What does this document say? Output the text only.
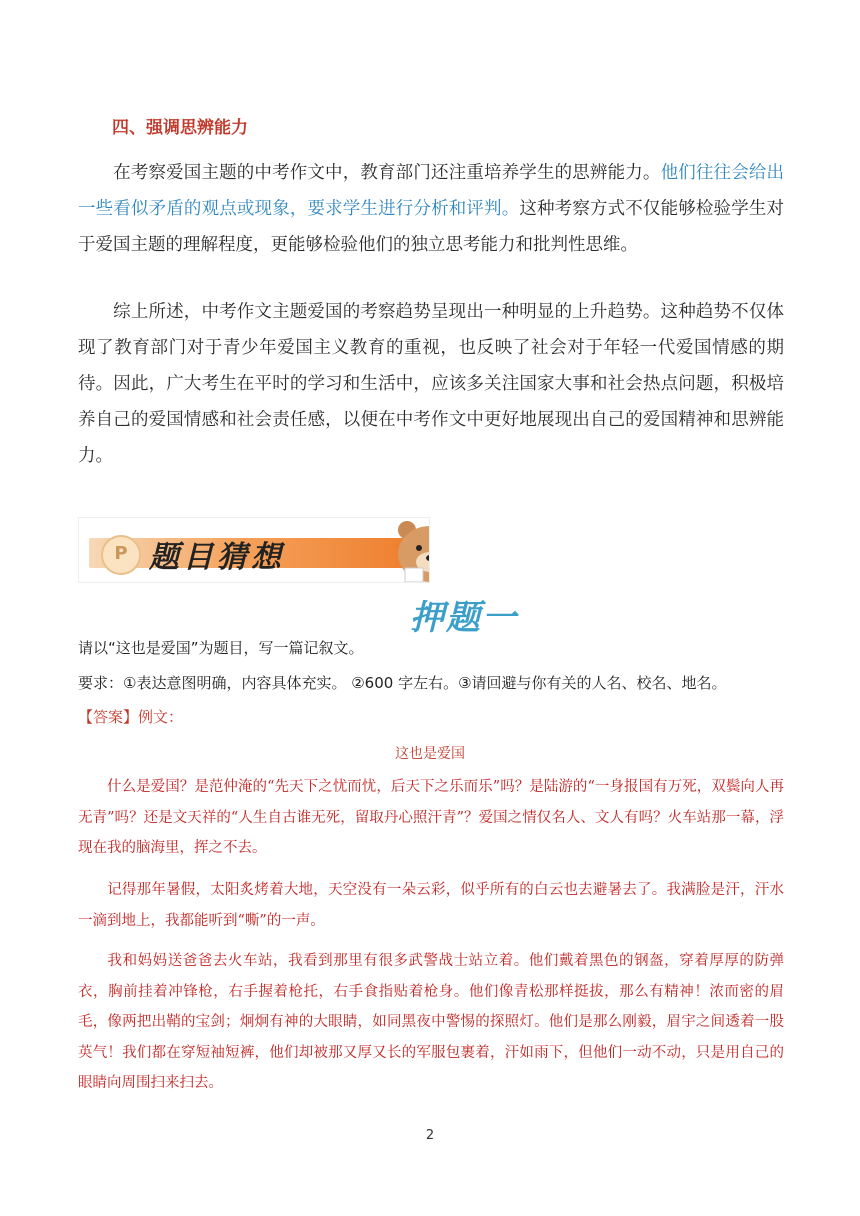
四、强调思辨能力
在考察爱国主题的中考作文中，教育部门还注重培养学生的思辨能力。他们往往会给出一些看似矛盾的观点或现象，要求学生进行分析和评判。这种考察方式不仅能够检验学生对于爱国主题的理解程度，更能够检验他们的独立思考能力和批判性思维。
综上所述，中考作文主题爱国的考察趋势呈现出一种明显的上升趋势。这种趋势不仅体现了教育部门对于青少年爱国主义教育的重视，也反映了社会对于年轻一代爱国情感的期待。因此，广大考生在平时的学习和生活中，应该多关注国家大事和社会热点问题，积极培养自己的爱国情感和社会责任感，以便在中考作文中更好地展现出自己的爱国精神和思辨能力。
P 题目猜想
押题一
请以“这也是爱国”为题目，写一篇记叙文。
要求：①表达意图明确，内容具体充实。 ②600 字左右。③请回避与你有关的人名、校名、地名。
【答案】例文：
这也是爱国
什么是爱国？是范仲淹的“先天下之忧而忧，后天下之乐而乐”吗？是陆游的“一身报国有万死，双鬓向人再无青”吗？还是文天祥的“人生自古谁无死，留取丹心照汗青”？爱国之情仅名人、文人有吗？火车站那一幕，浮现在我的脑海里，挥之不去。
记得那年暑假，太阳炙烤着大地，天空没有一朵云彩，似乎所有的白云也去避暑去了。我满脸是汗，汗水一滴到地上，我都能听到“嘶”的一声。
我和妈妈送爸爸去火车站，我看到那里有很多武警战士站立着。他们戴着黑色的钢盔，穿着厚厚的防弹衣，胸前挂着冲锋枪，右手握着枪托，右手食指贴着枪身。他们像青松那样挺拔，那么有精神！浓而密的眉毛，像两把出鞘的宝剑；炯炯有神的大眼睛，如同黑夜中警惕的探照灯。他们是那么刚毅，眉宇之间透着一股英气！我们都在穿短袖短裤，他们却被那又厚又长的军服包裹着，汗如雨下，但他们一动不动，只是用自己的眼睛向周围扫来扫去。
2
